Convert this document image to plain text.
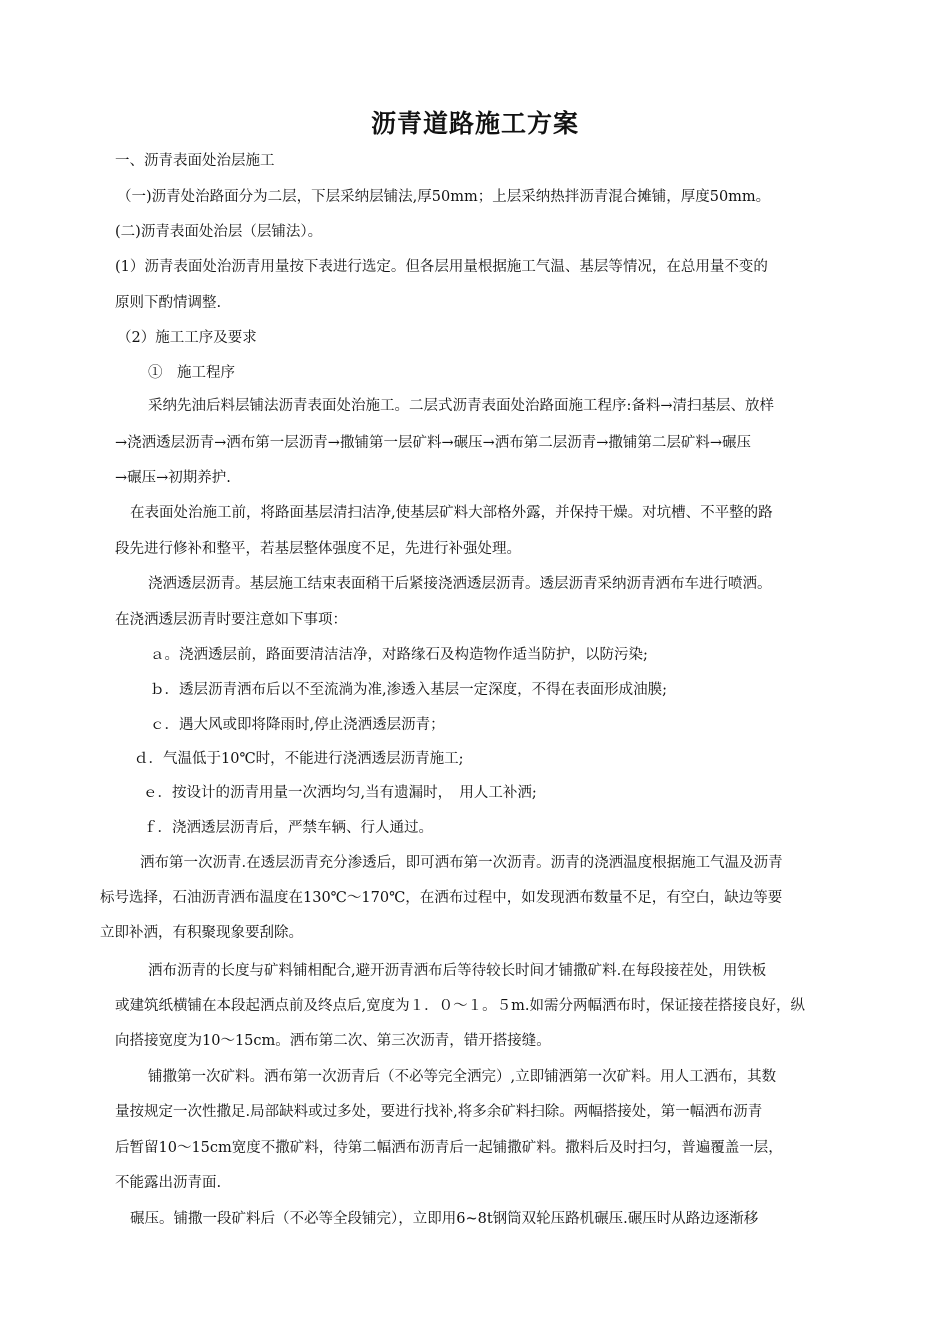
沥青道路施工方案
一、沥青表面处治层施工
（一)沥青处治路面分为二层，下层采纳层铺法,厚50mm；上层采纳热拌沥青混合摊铺，厚度50mm。
(二)沥青表面处治层（层铺法）。
(1）沥青表面处治沥青用量按下表进行选定。但各层用量根据施工气温、基层等情况，在总用量不变的
原则下酌情调整.
（2）施工工序及要求
①　施工程序
采纳先油后料层铺法沥青表面处治施工。二层式沥青表面处治路面施工程序:备料→清扫基层、放样
→浇洒透层沥青→洒布第一层沥青→撒铺第一层矿料→碾压→洒布第二层沥青→撒铺第二层矿料→碾压
→碾压→初期养护.
在表面处治施工前，将路面基层清扫洁净,使基层矿料大部格外露，并保持干燥。对坑槽、不平整的路
段先进行修补和整平，若基层整体强度不足，先进行补强处理。
浇洒透层沥青。基层施工结束表面稍干后紧接浇洒透层沥青。透层沥青采纳沥青洒布车进行喷洒。
在浇洒透层沥青时要注意如下事项：
ａ。浇洒透层前，路面要清洁洁净，对路缘石及构造物作适当防护，以防污染;
ｂ．透层沥青洒布后以不至流淌为准,渗透入基层一定深度，不得在表面形成油膜;
ｃ．遇大风或即将降雨时,停止浇洒透层沥青；
ｄ．气温低于10℃时，不能进行浇洒透层沥青施工;
ｅ．按设计的沥青用量一次洒均匀,当有遗漏时，　用人工补洒;
ｆ．浇洒透层沥青后，严禁车辆、行人通过。
洒布第一次沥青.在透层沥青充分渗透后，即可洒布第一次沥青。沥青的浇洒温度根据施工气温及沥青
标号选择，石油沥青洒布温度在130℃～170℃，在洒布过程中，如发现洒布数量不足，有空白，缺边等要
立即补洒，有积聚现象要刮除。
洒布沥青的长度与矿料铺相配合,避开沥青洒布后等待较长时间才铺撒矿料.在每段接茬处，用铁板
或建筑纸横铺在本段起洒点前及终点后,宽度为１．０～１。５m.如需分两幅洒布时，保证接茬搭接良好，纵
向搭接宽度为10～15cm。洒布第二次、第三次沥青，错开搭接缝。
铺撒第一次矿料。洒布第一次沥青后（不必等完全洒完）,立即铺洒第一次矿料。用人工洒布，其数
量按规定一次性撒足.局部缺料或过多处，要进行找补,将多余矿料扫除。两幅搭接处，第一幅洒布沥青
后暂留10～15cm宽度不撒矿料，待第二幅洒布沥青后一起铺撒矿料。撒料后及时扫匀，普遍覆盖一层，
不能露出沥青面.
碾压。铺撒一段矿料后（不必等全段铺完），立即用6~8t钢筒双轮压路机碾压.碾压时从路边逐渐移
